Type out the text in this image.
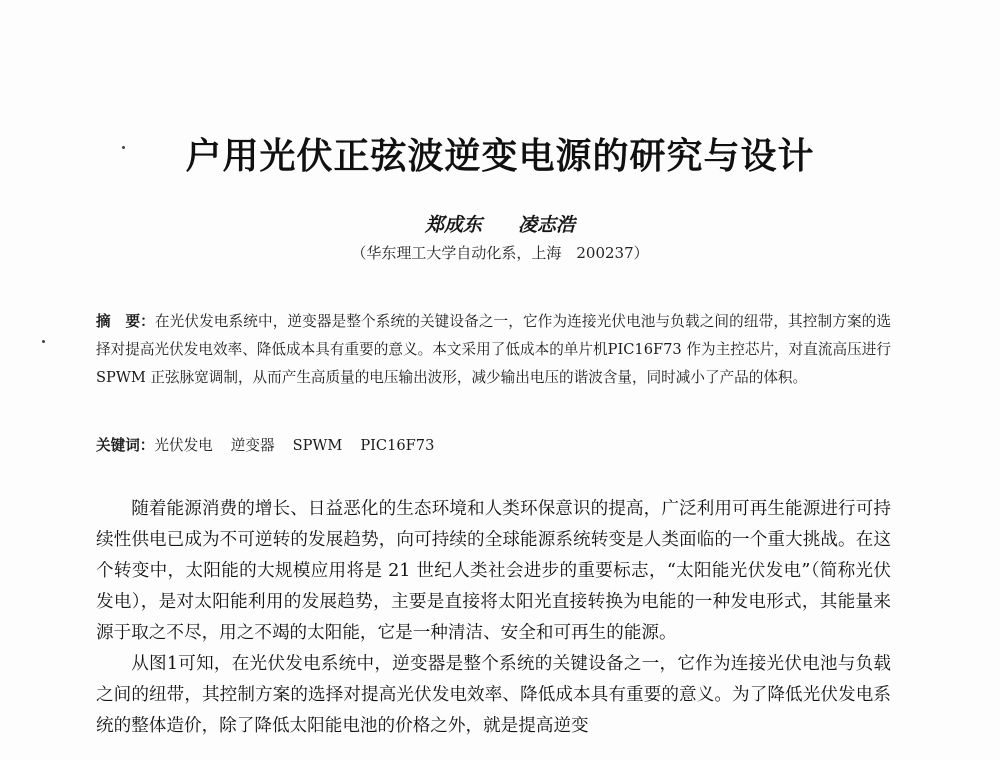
户用光伏正弦波逆变电源的研究与设计
郑成东 凌志浩
（华东理工大学自动化系，上海　200237）

摘　要：在光伏发电系统中，逆变器是整个系统的关键设备之一，它作为连接光伏电池与负载之间的纽带，其控制方案的选择对提高光伏发电效率、降低成本具有重要的意义。本文采用了低成本的单片机PIC16F73 作为主控芯片，对直流高压进行 SPWM 正弦脉宽调制，从而产生高质量的电压输出波形，减少输出电压的谐波含量，同时减小了产品的体积。

关键词：光伏发电 逆变器 SPWM PIC16F73

随着能源消费的增长、日益恶化的生态环境和人类环保意识的提高，广泛利用可再生能源进行可持续性供电已成为不可逆转的发展趋势，向可持续的全球能源系统转变是人类面临的一个重大挑战。在这个转变中，太阳能的大规模应用将是 21 世纪人类社会进步的重要标志，“太阳能光伏发电”（简称光伏发电），是对太阳能利用的发展趋势，主要是直接将太阳光直接转换为电能的一种发电形式，其能量来源于取之不尽，用之不竭的太阳能，它是一种清洁、安全和可再生的能源。

从图1可知，在光伏发电系统中，逆变器是整个系统的关键设备之一，它作为连接光伏电池与负载之间的纽带，其控制方案的选择对提高光伏发电效率、降低成本具有重要的意义。为了降低光伏发电系统的整体造价，除了降低太阳能电池的价格之外，就是提高逆变
